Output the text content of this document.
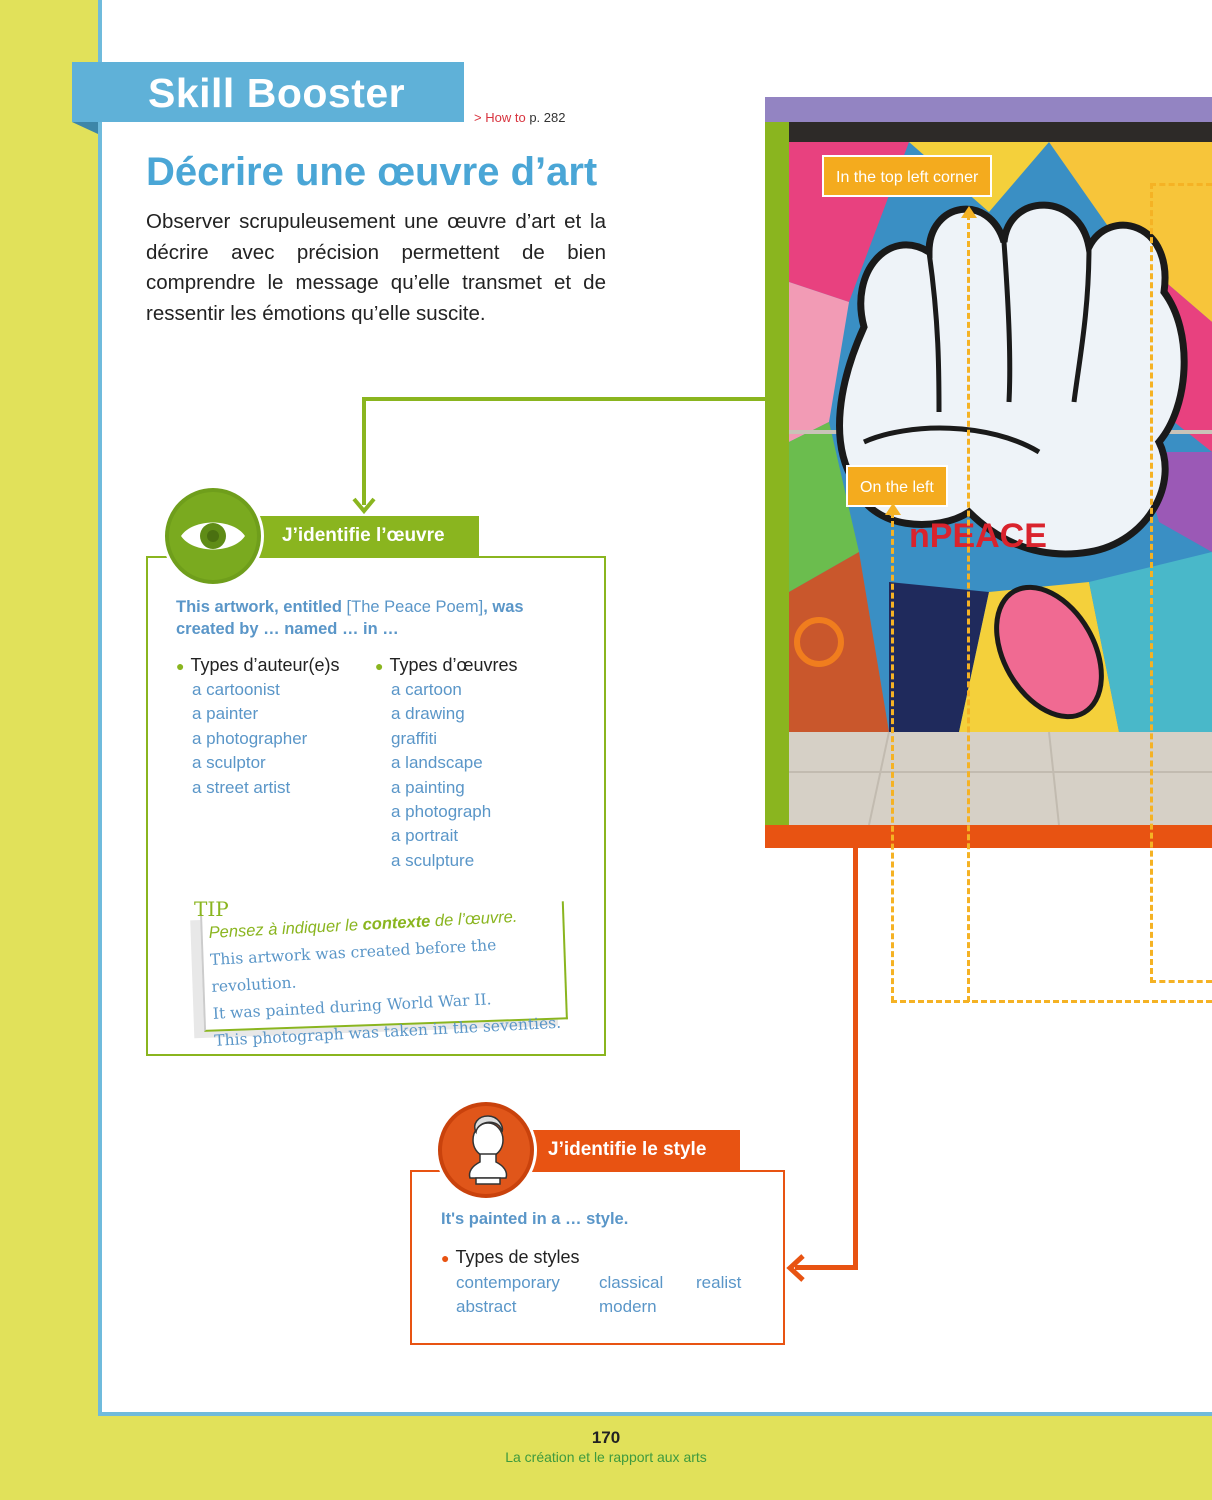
Skill Booster
> How to p. 282
Décrire une œuvre d’art
Observer scrupuleusement une œuvre d’art et la décrire avec précision permettent de bien comprendre le message qu’elle transmet et de ressentir les émotions qu’elle suscite.
nPEACE
In the top left corner
On the left
J’identifie l’œuvre
This artwork, entitled [The Peace Poem], was created by … named … in …
● Types d’auteur(e)s
a cartoonist
a painter
a photographer
a sculptor
a street artist
● Types d’œuvres
a cartoon
a drawing
graffiti
a landscape
a painting
a photograph
a portrait
a sculpture
TIP
Pensez à indiquer le contexte de l’œuvre.
This artwork was created before the revolution.
It was painted during World War II.
This photograph was taken in the seventies.
J’identifie le style
It's painted in a … style.
● Types de styles
contemporary classical realist
abstract	modern
170
La création et le rapport aux arts
